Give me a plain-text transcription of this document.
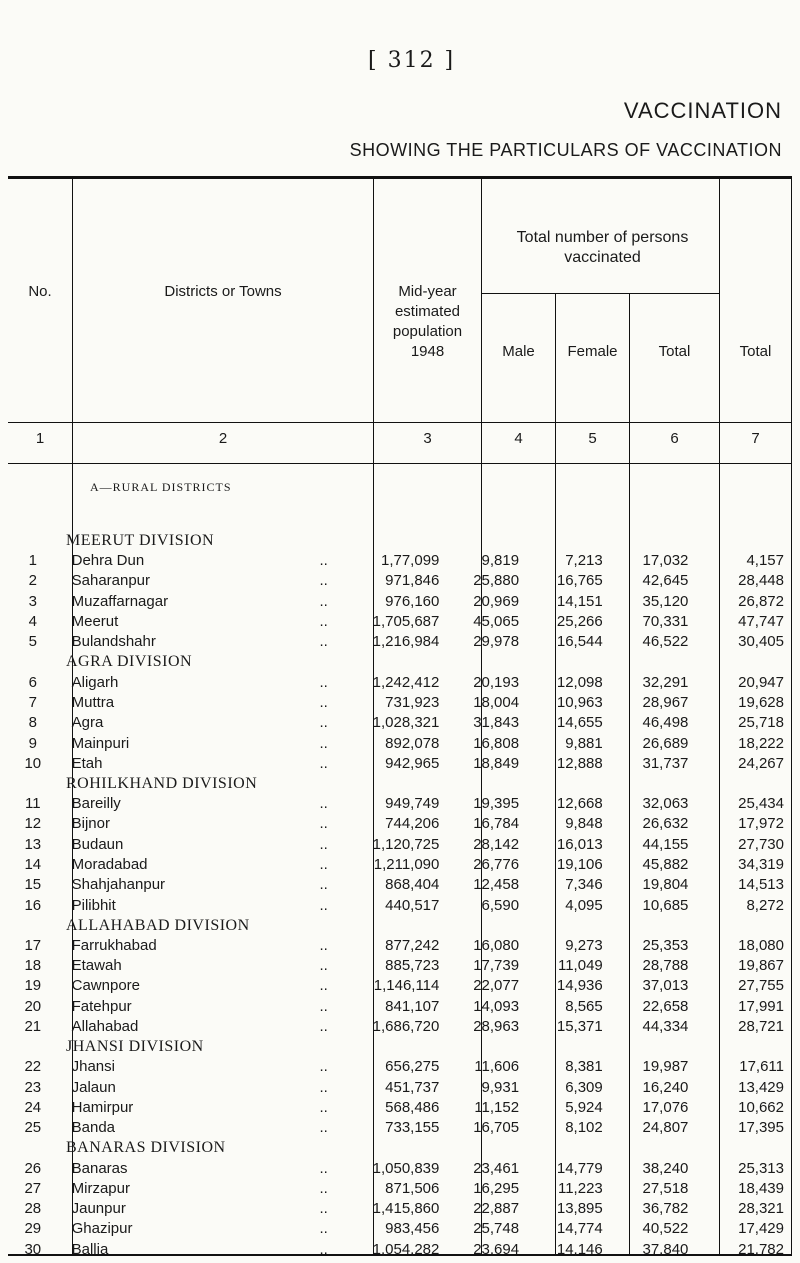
[ 312 ]
VACCINATION
SHOWING THE PARTICULARS OF VACCINATION
No.	Districts or Towns	Mid-year
estimated
population
1948
Total number of persons vaccinated
Male	Female	Total	Total
1	2	3	4	5	6	7
A—RURAL DISTRICTS
MEERUT DIVISION						
1	Dehra Dun ..	1,77,099	9,819	7,213	17,032	4,157
2	Saharanpur ..	971,846	25,880	16,765	42,645	28,448
3	Muzaffarnagar ..	976,160	20,969	14,151	35,120	26,872
4	Meerut ..	1,705,687	45,065	25,266	70,331	47,747
5	Bulandshahr ..	1,216,984	29,978	16,544	46,522	30,405
AGRA DIVISION						
6	Aligarh ..	1,242,412	20,193	12,098	32,291	20,947
7	Muttra ..	731,923	18,004	10,963	28,967	19,628
8	Agra ..	1,028,321	31,843	14,655	46,498	25,718
9	Mainpuri ..	892,078	16,808	9,881	26,689	18,222
10	Etah ..	942,965	18,849	12,888	31,737	24,267
ROHILKHAND DIVISION						
11	Bareilly ..	949,749	19,395	12,668	32,063	25,434
12	Bijnor ..	744,206	16,784	9,848	26,632	17,972
13	Budaun ..	1,120,725	28,142	16,013	44,155	27,730
14	Moradabad ..	1,211,090	26,776	19,106	45,882	34,319
15	Shahjahanpur ..	868,404	12,458	7,346	19,804	14,513
16	Pilibhit ..	440,517	6,590	4,095	10,685	8,272
ALLAHABAD DIVISION						
17	Farrukhabad ..	877,242	16,080	9,273	25,353	18,080
18	Etawah ..	885,723	17,739	11,049	28,788	19,867
19	Cawnpore ..	1,146,114	22,077	14,936	37,013	27,755
20	Fatehpur ..	841,107	14,093	8,565	22,658	17,991
21	Allahabad ..	1,686,720	28,963	15,371	44,334	28,721
JHANSI DIVISION						
22	Jhansi ..	656,275	11,606	8,381	19,987	17,611
23	Jalaun ..	451,737	9,931	6,309	16,240	13,429
24	Hamirpur ..	568,486	11,152	5,924	17,076	10,662
25	Banda ..	733,155	16,705	8,102	24,807	17,395
BANARAS DIVISION						
26	Banaras ..	1,050,839	23,461	14,779	38,240	25,313
27	Mirzapur ..	871,506	16,295	11,223	27,518	18,439
28	Jaunpur ..	1,415,860	22,887	13,895	36,782	28,321
29	Ghazipur ..	983,456	25,748	14,774	40,522	17,429
30	Ballia ..	1,054,282	23,694	14,146	37,840	21,782
